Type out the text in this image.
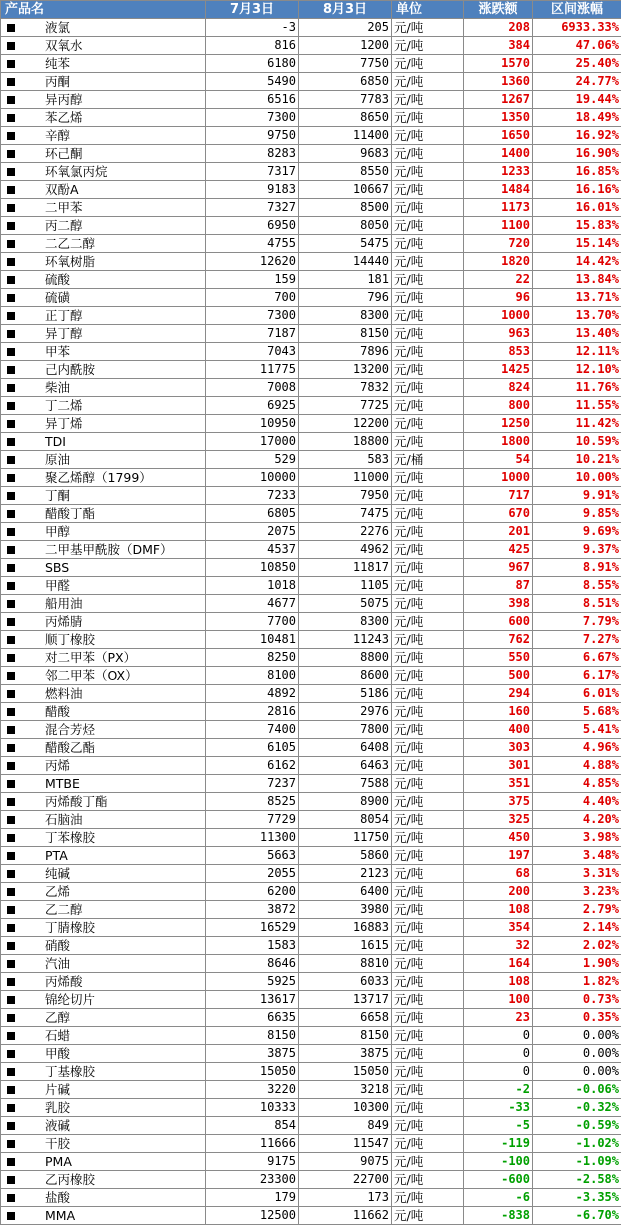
产品名	7月3日	8月3日	单位	涨跌额	区间涨幅
液氯	-3	205	元/吨	208	6933.33%
双氧水	816	1200	元/吨	384	47.06%
纯苯	6180	7750	元/吨	1570	25.40%
丙酮	5490	6850	元/吨	1360	24.77%
异丙醇	6516	7783	元/吨	1267	19.44%
苯乙烯	7300	8650	元/吨	1350	18.49%
辛醇	9750	11400	元/吨	1650	16.92%
环己酮	8283	9683	元/吨	1400	16.90%
环氧氯丙烷	7317	8550	元/吨	1233	16.85%
双酚A	9183	10667	元/吨	1484	16.16%
二甲苯	7327	8500	元/吨	1173	16.01%
丙二醇	6950	8050	元/吨	1100	15.83%
二乙二醇	4755	5475	元/吨	720	15.14%
环氧树脂	12620	14440	元/吨	1820	14.42%
硫酸	159	181	元/吨	22	13.84%
硫磺	700	796	元/吨	96	13.71%
正丁醇	7300	8300	元/吨	1000	13.70%
异丁醇	7187	8150	元/吨	963	13.40%
甲苯	7043	7896	元/吨	853	12.11%
己内酰胺	11775	13200	元/吨	1425	12.10%
柴油	7008	7832	元/吨	824	11.76%
丁二烯	6925	7725	元/吨	800	11.55%
异丁烯	10950	12200	元/吨	1250	11.42%
TDI	17000	18800	元/吨	1800	10.59%
原油	529	583	元/桶	54	10.21%
聚乙烯醇（1799）	10000	11000	元/吨	1000	10.00%
丁酮	7233	7950	元/吨	717	9.91%
醋酸丁酯	6805	7475	元/吨	670	9.85%
甲醇	2075	2276	元/吨	201	9.69%
二甲基甲酰胺（DMF）	4537	4962	元/吨	425	9.37%
SBS	10850	11817	元/吨	967	8.91%
甲醛	1018	1105	元/吨	87	8.55%
船用油	4677	5075	元/吨	398	8.51%
丙烯腈	7700	8300	元/吨	600	7.79%
顺丁橡胶	10481	11243	元/吨	762	7.27%
对二甲苯（PX）	8250	8800	元/吨	550	6.67%
邻二甲苯（OX）	8100	8600	元/吨	500	6.17%
燃料油	4892	5186	元/吨	294	6.01%
醋酸	2816	2976	元/吨	160	5.68%
混合芳烃	7400	7800	元/吨	400	5.41%
醋酸乙酯	6105	6408	元/吨	303	4.96%
丙烯	6162	6463	元/吨	301	4.88%
MTBE	7237	7588	元/吨	351	4.85%
丙烯酸丁酯	8525	8900	元/吨	375	4.40%
石脑油	7729	8054	元/吨	325	4.20%
丁苯橡胶	11300	11750	元/吨	450	3.98%
PTA	5663	5860	元/吨	197	3.48%
纯碱	2055	2123	元/吨	68	3.31%
乙烯	6200	6400	元/吨	200	3.23%
乙二醇	3872	3980	元/吨	108	2.79%
丁腈橡胶	16529	16883	元/吨	354	2.14%
硝酸	1583	1615	元/吨	32	2.02%
汽油	8646	8810	元/吨	164	1.90%
丙烯酸	5925	6033	元/吨	108	1.82%
锦纶切片	13617	13717	元/吨	100	0.73%
乙醇	6635	6658	元/吨	23	0.35%
石蜡	8150	8150	元/吨	0	0.00%
甲酸	3875	3875	元/吨	0	0.00%
丁基橡胶	15050	15050	元/吨	0	0.00%
片碱	3220	3218	元/吨	-2	-0.06%
乳胶	10333	10300	元/吨	-33	-0.32%
液碱	854	849	元/吨	-5	-0.59%
干胶	11666	11547	元/吨	-119	-1.02%
PMA	9175	9075	元/吨	-100	-1.09%
乙丙橡胶	23300	22700	元/吨	-600	-2.58%
盐酸	179	173	元/吨	-6	-3.35%
MMA	12500	11662	元/吨	-838	-6.70%
